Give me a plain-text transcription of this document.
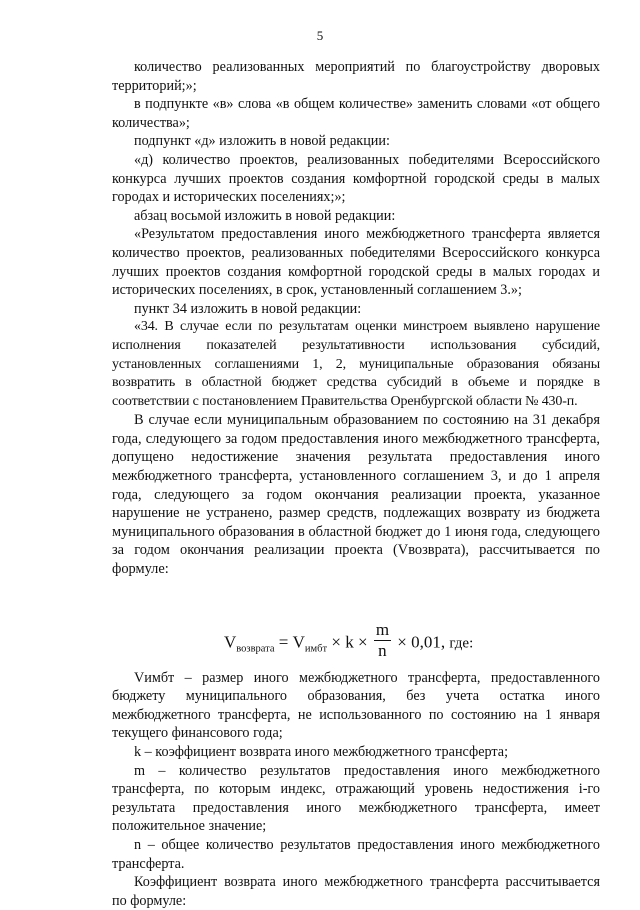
5

количество реализованных мероприятий по благоустройству дворовых территорий;»;

в подпункте «в» слова «в общем количестве» заменить словами «от общего количества»;

подпункт «д» изложить в новой редакции:

«д) количество проектов, реализованных победителями Всероссийского конкурса лучших проектов создания комфортной городской среды в малых городах и исторических поселениях;»;

абзац восьмой изложить в новой редакции:

«Результатом предоставления иного межбюджетного трансферта является количество проектов, реализованных победителями Всероссийского конкурса лучших проектов создания комфортной городской среды в малых городах и исторических поселениях, в срок, установленный соглашением 3.»;

пункт 34 изложить в новой редакции:

«34. В случае если по результатам оценки минстроем выявлено нарушение исполнения показателей результативности использования субсидий, установленных соглашениями 1, 2, муниципальные образования обязаны возвратить в областной бюджет средства субсидий в объеме и порядке в соответствии с постановлением Правительства Оренбургской области № 430-п.

В случае если муниципальным образованием по состоянию на 31 декабря года, следующего за годом предоставления иного межбюджетного трансферта, допущено недостижение значения результата предоставления иного межбюджетного трансферта, установленного соглашением 3, и до 1 апреля года, следующего за годом окончания реализации проекта, указанное нарушение не устранено, размер средств, подлежащих возврату из бюджета муниципального образования в областной бюджет до 1 июня года, следующего за годом окончания реализации проекта (Vвозврата), рассчитывается по формуле:

$V_{возврата} = V_{имбт} \times k \times \frac{m}{n} \times 0,01$, где:

Vимбт – размер иного межбюджетного трансферта, предоставленного бюджету муниципального образования, без учета остатка иного межбюджетного трансферта, не использованного по состоянию на 1 января текущего финансового года;

k – коэффициент возврата иного межбюджетного трансферта;

m – количество результатов предоставления иного межбюджетного трансферта, по которым индекс, отражающий уровень недостижения i-го результата предоставления иного межбюджетного трансферта, имеет положительное значение;

n – общее количество результатов предоставления иного межбюджетного трансферта.

Коэффициент возврата иного межбюджетного трансферта рассчитывается по формуле:
